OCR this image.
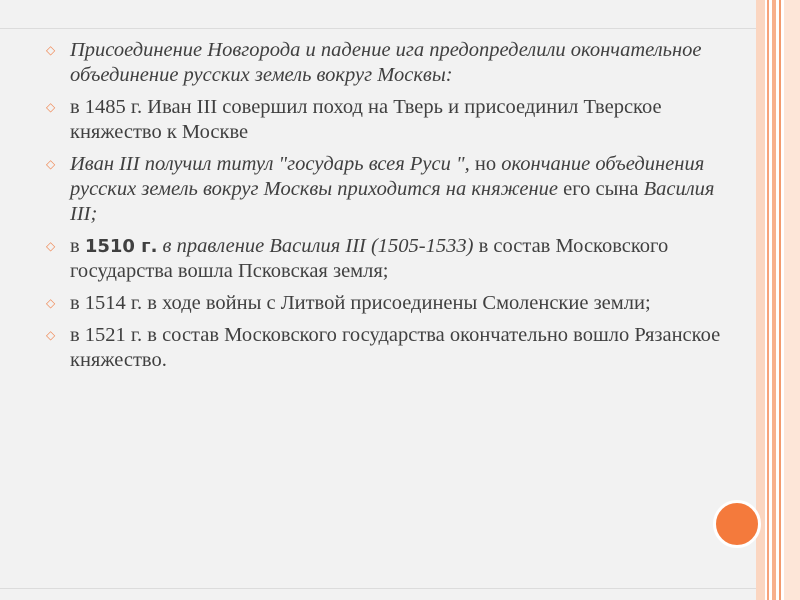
◇ Присоединение Новгорода и падение ига предопределили окончательное объединение русских земель вокруг Москвы:
◇ в 1485 г. Иван III совершил поход на Тверь и присоединил Тверское княжество к Москве
◇ Иван III получил титул "государь всея Руси ", но окончание объединения русских земель вокруг Москвы приходится на княжение его сына Василия III;
◇ в 1510 г. в правление Василия III (1505-1533) в состав Московского государства вошла Псковская земля;
◇ в 1514 г. в ходе войны с Литвой присоединены Смоленские земли;
◇ в 1521 г. в состав Московского государства окончательно вошло Рязанское княжество.
